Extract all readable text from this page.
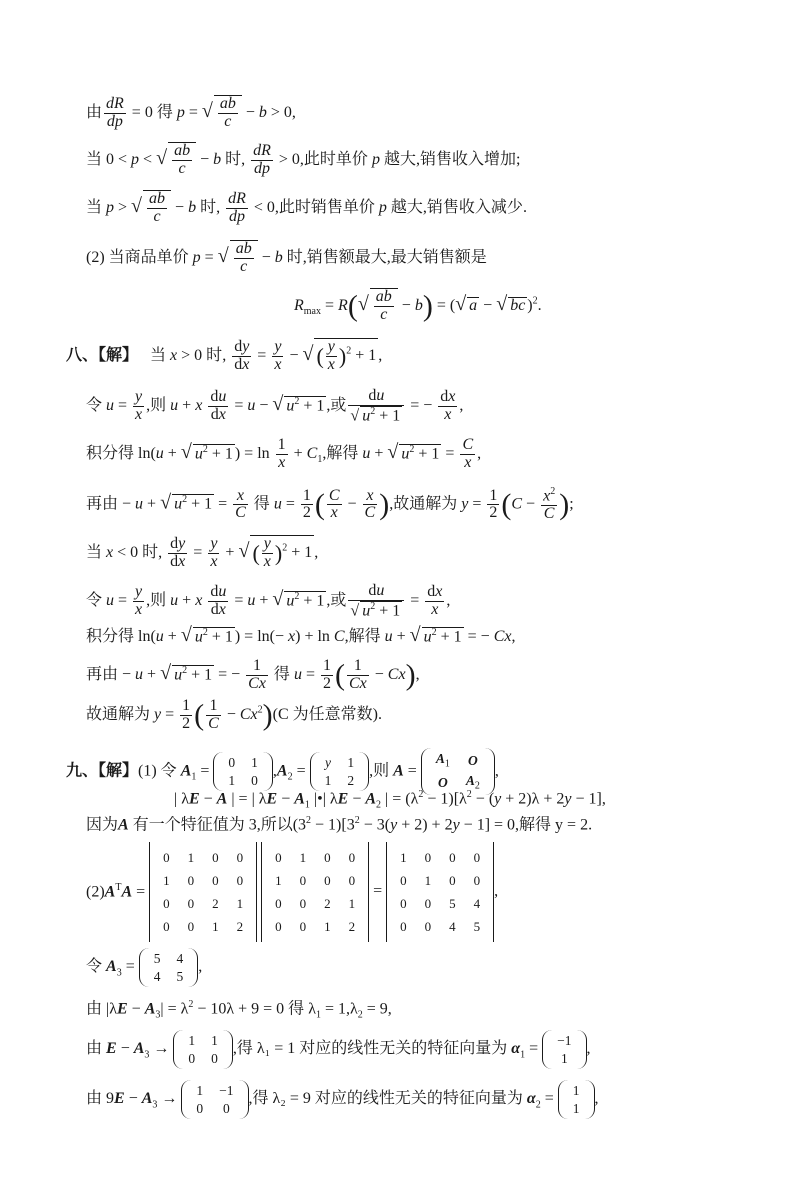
由 $\frac{dR}{dp} = 0$ 得 p = √ $\frac{ab}{c} - b > 0$,
当 0 < p < √ $\frac{ab}{c} - b$ 时, $\frac{dR}{dp} > 0$,此时单价 p 越大,销售收入增加;
当 p > √ $\frac{ab}{c} - b$ 时, $\frac{dR}{dp} < 0$,此时销售单价 p 越大,销售收入减少.
(2) 当商品单价 p = √ $\frac{ab}{c} - b$ 时,销售额最大,最大销售额是
$R_{max} = R(√ \frac{ab}{c} - b)$ = (√ a − √ bc )$^2$.
八、【解】 当 x > 0 时, $\frac{dy}{dx} = \frac{y}{x}$ − √ ( $\frac{y}{x} )^2 + 1$ ,
令 $u = \frac{y}{x}$ ,则 u + x $\frac{du}{dx} = u$ − √ $u^2 + 1$ ,或 $\frac{du}{√ u^2 + 1}$ = − $\frac{dx}{x}$ ,
积分得 ln(u + √ $u^2 + 1$ ) = $\ln \frac{1}{x} + C_1$,解得 u + √ $u^2 + 1 = \frac{C}{x}$ ,
再由 − u + √ $u^2 + 1 = \frac{x}{C}$ 得 $u = \frac{1}{2}$ ( $\frac{C}{x} - \frac{x}{C}$ ),故通解为 $y = \frac{1}{2} (C - \frac{x^2}{C}$ );
当 x < 0 时, $\frac{dy}{dx} = \frac{y}{x}$ + √ ( $\frac{y}{x} )^2 + 1$ ,
令 $u = \frac{y}{x}$ ,则 u + x $\frac{du}{dx} = u$ + √ $u^2 + 1$ ,或 $\frac{du}{√ u^2 + 1} = \frac{dx}{x}$ ,
积分得 ln(u + √ $u^2 + 1$ ) = ln(− x) + ln C,解得 u + √ $u^2 + 1$ = − Cx,
再由 − u + √ $u^2 + 1$ = − $\frac{1}{Cx}$ 得 $u = \frac{1}{2}$ ( $\frac{1}{Cx} - Cx$),
故通解为 $y = \frac{1}{2}$ ( $\frac{1}{C} - Cx^2)(C$ 为任意常数).
九、【解】(1) 令 $A_1 = 0$	1
1	0
$,A_2 = y$	1
1	2
,则 A =
$A_1$	O
O	$A_2$
,
| λE − A | = | $\lambda E - A_1$ |•| $\lambda E - A_2$ | = $(\lambda^2 - 1)[\lambda^2 - (y + 2)\lambda + 2y - 1]$,
因为A 有一个特征值为 3,所以$(3^2 - 1)[3^2 - 3(y + 2) + 2y - 1] = 0$,解得 y = 2.
$(2)A^TA$ =
0	1	0	0
1	0	0	0
0	0	2	1
0	0	1	2

0	1	0	0
1	0	0	0
0	0	2	1
0	0	1	2
=
1	0	0	0
0	1	0	0
0	0	5	4
0	0	4	5
,
令 $A_3 = 5$	4
4	5
,
由 $|\lambda E - A_3| = \lambda^2 - 10\lambda + 9 = 0$ 得 $\lambda_1 = 1,\lambda_2 = 9$,
由 $E - A_3 \to 1$	1
0	0
,得 λ₁ = 1 对应的线性无关的特征向量为 $\alpha_1 = -1$
1
,
由 $9E - A_3 \to 1$	−1
0	0
,得 λ₂ = 9 对应的线性无关的特征向量为 $\alpha_2 = 1$
1
,
